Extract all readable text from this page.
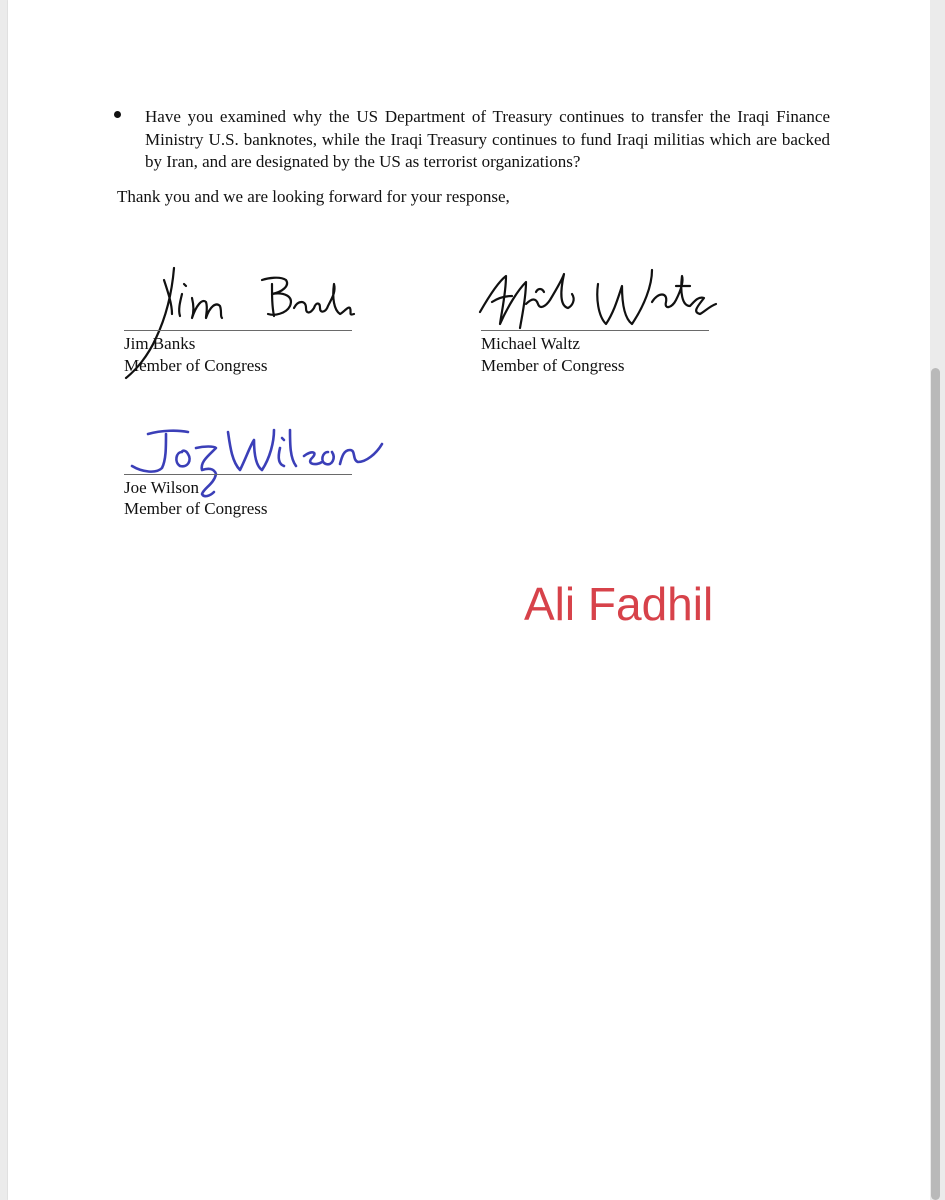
Have you examined why the US Department of Treasury continues to transfer the Iraqi Finance Ministry U.S. banknotes, while the Iraqi Treasury continues to fund Iraqi militias which are backed by Iran, and are designated by the US as terrorist organizations?
Thank you and we are looking forward for your response,
Jim Banks
Member of Congress
Michael Waltz
Member of Congress
Joe Wilson
Member of Congress
Ali Fadhil
